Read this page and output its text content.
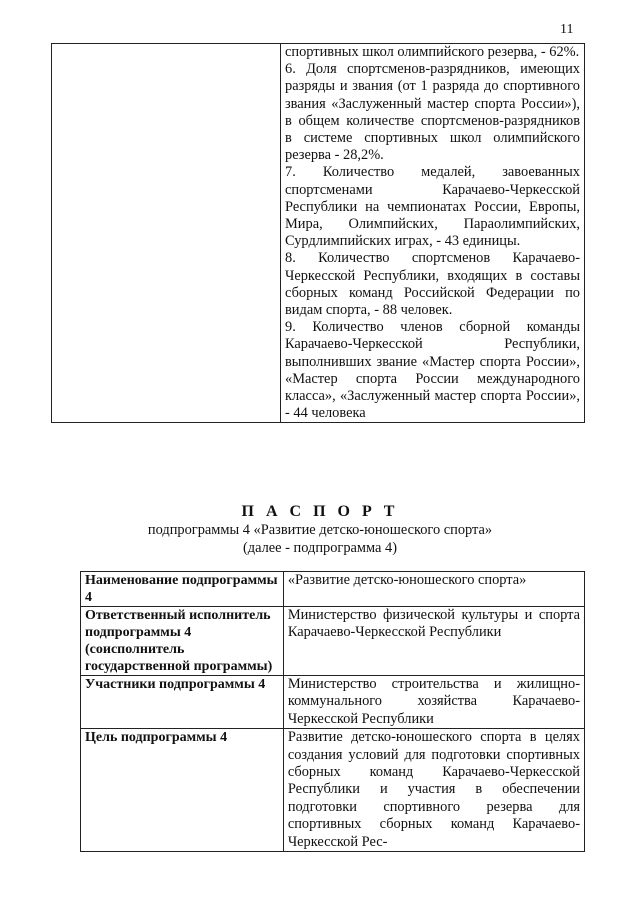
11

спортивных школ олимпийского резерва, - 62%.

6. Доля спортсменов-разрядников, имеющих разряды и звания (от 1 разряда до спортивного звания «Заслуженный мастер спорта России»), в общем количестве спортсменов-разрядников в системе спортивных школ олимпийского резерва - 28,2%.

7. Количество медалей, завоеванных спортсменами Карачаево-Черкесской Республики на чемпионатах России, Европы, Мира, Олимпийских, Параолимпийских, Сурдлимпийских играх, - 43 единицы.

8. Количество спортсменов Карачаево-Черкесской Республики, входящих в составы сборных команд Российской Федерации по видам спорта, - 88 человек.

9. Количество членов сборной команды Карачаево-Черкесской Республики, выполнивших звание «Мастер спорта России», «Мастер спорта России международного класса», «Заслуженный мастер спорта России», - 44 человека

П А С П О Р Т
подпрограммы 4 «Развитие детско-юношеского спорта»
(далее - подпрограмма 4)
Наименование подпрограммы 4	«Развитие детско-юношеского спорта»
Ответственный исполнитель подпрограммы 4 (соисполнитель государственной программы)	Министерство физической культуры и спорта Карачаево-Черкесской Республики
Участники подпрограммы 4	Министерство строительства и жилищно-коммунального хозяйства Карачаево-Черкесской Республики
Цель подпрограммы 4	Развитие детско-юношеского спорта в целях создания условий для подготовки спортивных сборных команд Карачаево-Черкесской Республики и участия в обеспечении подготовки спортивного резерва для спортивных сборных команд Карачаево-Черкесской Рес-
